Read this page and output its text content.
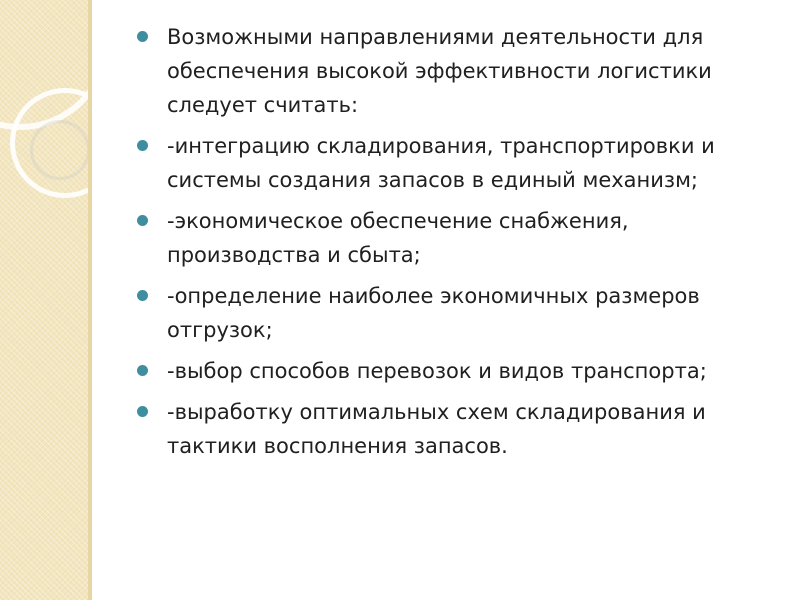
Возможными направлениями деятельности для обеспечения высокой эффективности логистики следует считать:
-интеграцию складирования, транспортировки и системы создания запасов в единый механизм;
-экономическое обеспечение снабжения, производства и сбыта;
-определение наиболее экономичных размеров отгрузок;
-выбор способов перевозок и видов транспорта;
-выработку оптимальных схем складирования и тактики восполнения запасов.
